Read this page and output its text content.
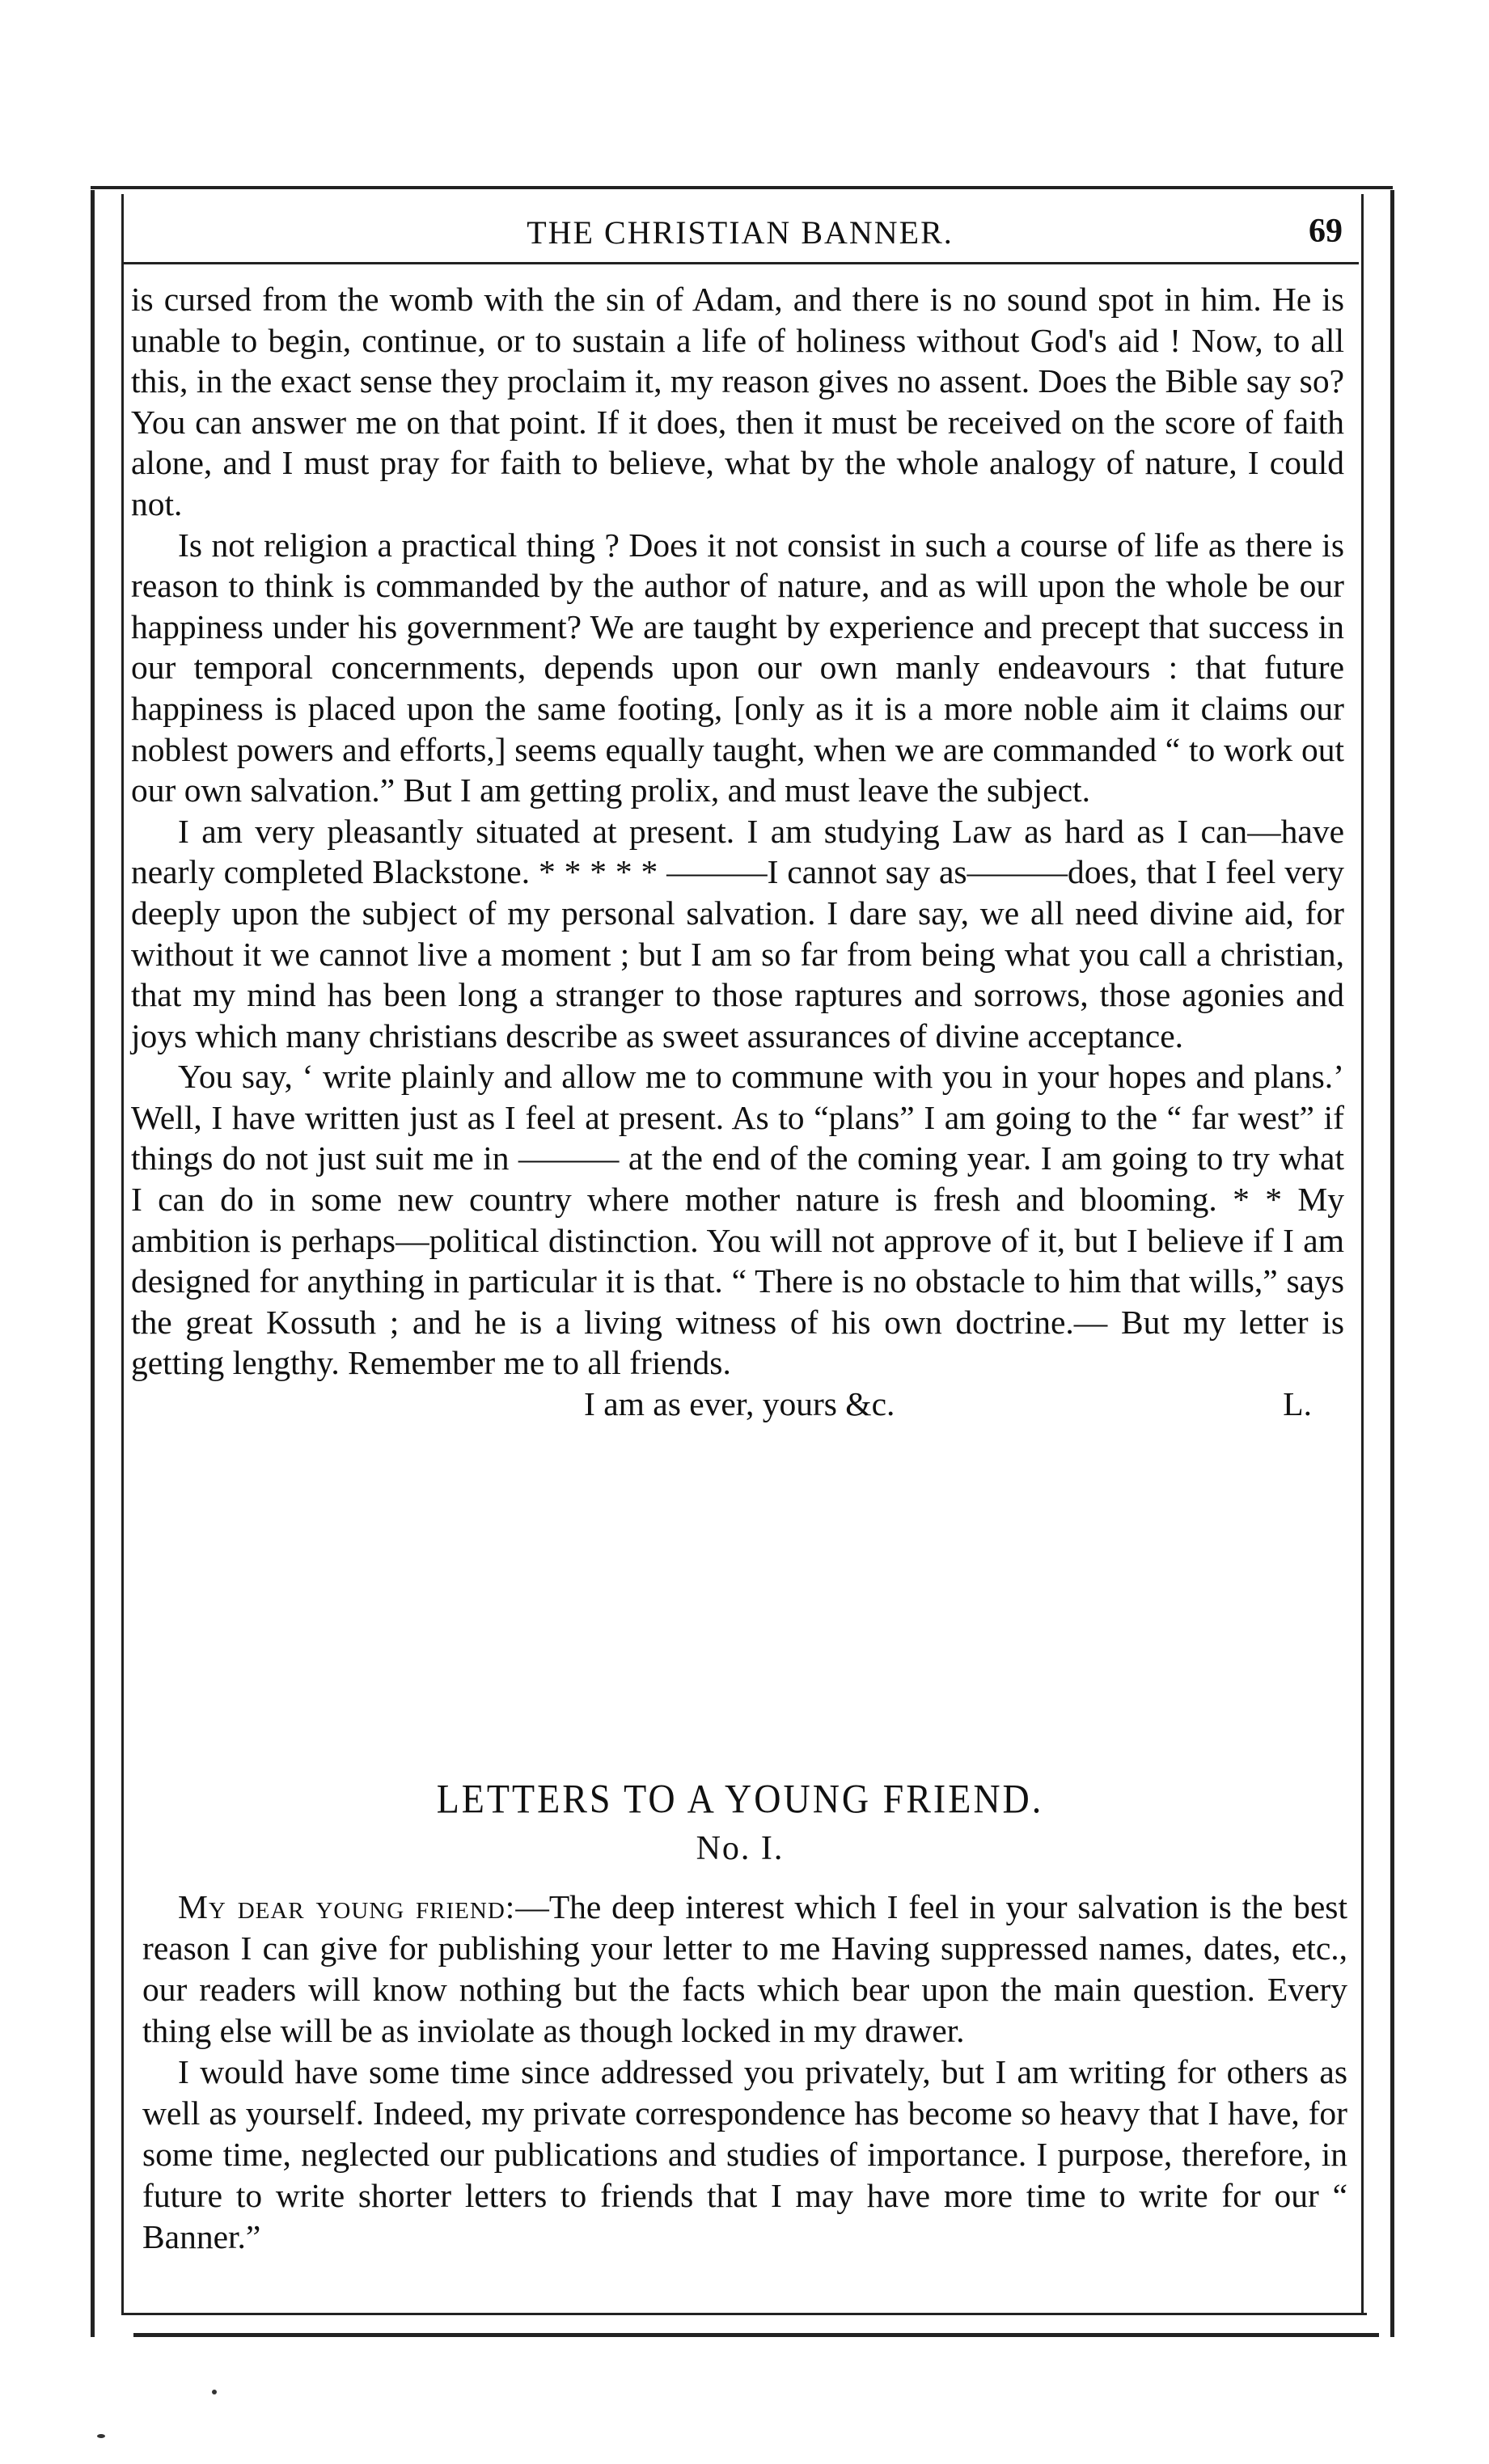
THE CHRISTIAN BANNER.	69

is cursed from the womb with the sin of Adam, and there is no sound spot in him. He is unable to begin, continue, or to sustain a life of holiness without God's aid ! Now, to all this, in the exact sense they proclaim it, my reason gives no assent. Does the Bible say so? You can answer me on that point. If it does, then it must be received on the score of faith alone, and I must pray for faith to believe, what by the whole analogy of nature, I could not.

Is not religion a practical thing ? Does it not consist in such a course of life as there is reason to think is commanded by the author of nature, and as will upon the whole be our happiness under his government? We are taught by experience and precept that success in our temporal concernments, depends upon our own manly endeavours : that future happiness is placed upon the same footing, [only as it is a more noble aim it claims our noblest powers and efforts,] seems equally taught, when we are commanded “ to work out our own salvation.” But I am getting prolix, and must leave the subject.

I am very pleasantly situated at present. I am studying Law as hard as I can—have nearly completed Blackstone. * * * * * ———I cannot say as———does, that I feel very deeply upon the subject of my personal salvation. I dare say, we all need divine aid, for without it we cannot live a moment ; but I am so far from being what you call a christian, that my mind has been long a stranger to those raptures and sorrows, those agonies and joys which many christians describe as sweet assurances of divine acceptance.

You say, ‘ write plainly and allow me to commune with you in your hopes and plans.’ Well, I have written just as I feel at present. As to “plans” I am going to the “ far west” if things do not just suit me in ——— at the end of the coming year. I am going to try what I can do in some new country where mother nature is fresh and blooming. * * My ambition is perhaps—political distinction. You will not approve of it, but I believe if I am designed for anything in particular it is that. “ There is no obstacle to him that wills,” says the great Kossuth ; and he is a living witness of his own doctrine.— But my letter is getting lengthy. Remember me to all friends.

I am as ever, yours &c.	L.
LETTERS TO A YOUNG FRIEND.
No. I.

My dear young friend:—The deep interest which I feel in your salvation is the best reason I can give for publishing your letter to me Having suppressed names, dates, etc., our readers will know nothing but the facts which bear upon the main question. Every thing else will be as inviolate as though locked in my drawer.

I would have some time since addressed you privately, but I am writing for others as well as yourself. Indeed, my private correspondence has become so heavy that I have, for some time, neglected our publications and studies of importance. I purpose, therefore, in future to write shorter letters to friends that I may have more time to write for our “ Banner.”
